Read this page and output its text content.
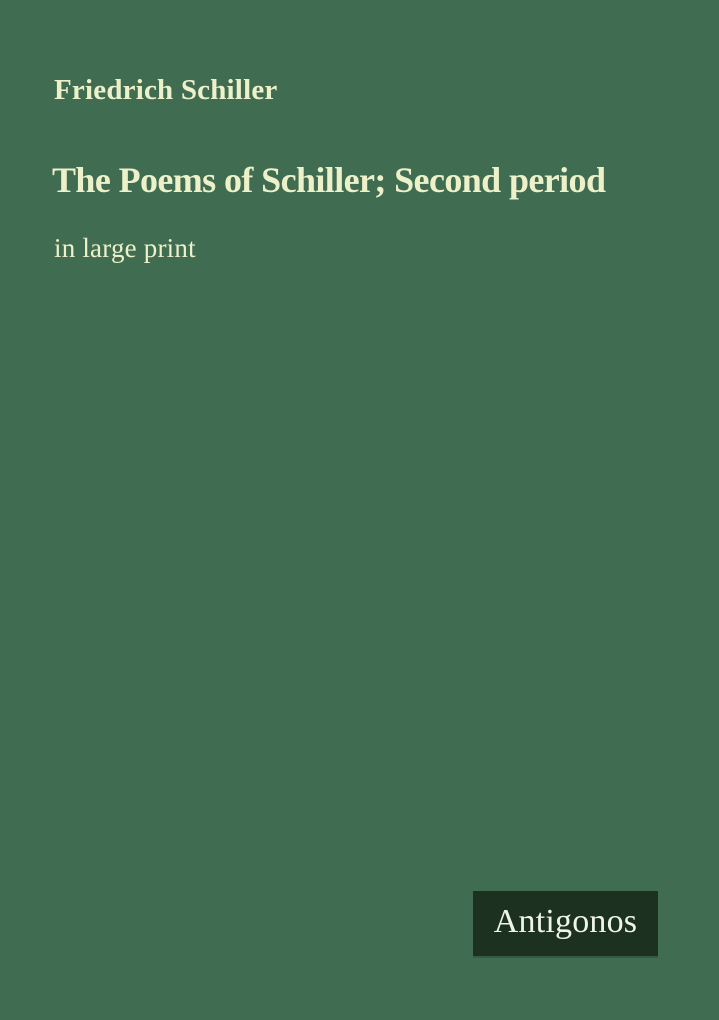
Friedrich Schiller
The Poems of Schiller; Second period
in large print
Antigonos
